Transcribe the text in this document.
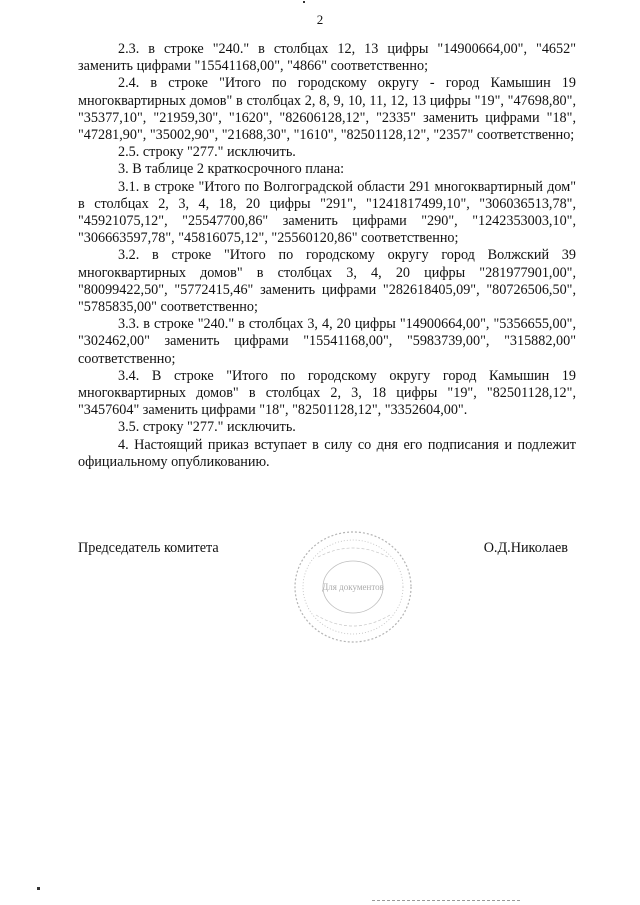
2

2.3. в строке "240." в столбцах 12, 13 цифры "14900664,00", "4652" заменить цифрами "15541168,00", "4866" соответственно;

2.4. в строке "Итого по городскому округу - город Камышин 19 многоквартирных домов" в столбцах 2, 8, 9, 10, 11, 12, 13 цифры "19", "47698,80", "35377,10", "21959,30", "1620", "82606128,12", "2335" заменить цифрами "18", "47281,90", "35002,90", "21688,30", "1610", "82501128,12", "2357" соответственно;

2.5. строку "277." исключить.

3. В таблице 2 краткосрочного плана:

3.1. в строке "Итого по Волгоградской области 291 многоквартирный дом" в столбцах 2, 3, 4, 18, 20 цифры "291", "1241817499,10", "306036513,78", "45921075,12", "25547700,86" заменить цифрами "290", "1242353003,10", "306663597,78", "45816075,12", "25560120,86" соответственно;

3.2. в строке "Итого по городскому округу город Волжский 39 многоквартирных домов" в столбцах 3, 4, 20 цифры "281977901,00", "80099422,50", "5772415,46" заменить цифрами "282618405,09", "80726506,50", "5785835,00" соответственно;

3.3. в строке "240." в столбцах 3, 4, 20 цифры "14900664,00", "5356655,00", "302462,00" заменить цифрами "15541168,00", "5983739,00", "315882,00" соответственно;

3.4. В строке "Итого по городскому округу город Камышин 19 многоквартирных домов" в столбцах 2, 3, 18 цифры "19", "82501128,12", "3457604" заменить цифрами "18", "82501128,12", "3352604,00".

3.5. строку "277." исключить.

4. Настоящий приказ вступает в силу со дня его подписания и подлежит официальному опубликованию.

Для документов
Председатель комитета	О.Д.Николаев
